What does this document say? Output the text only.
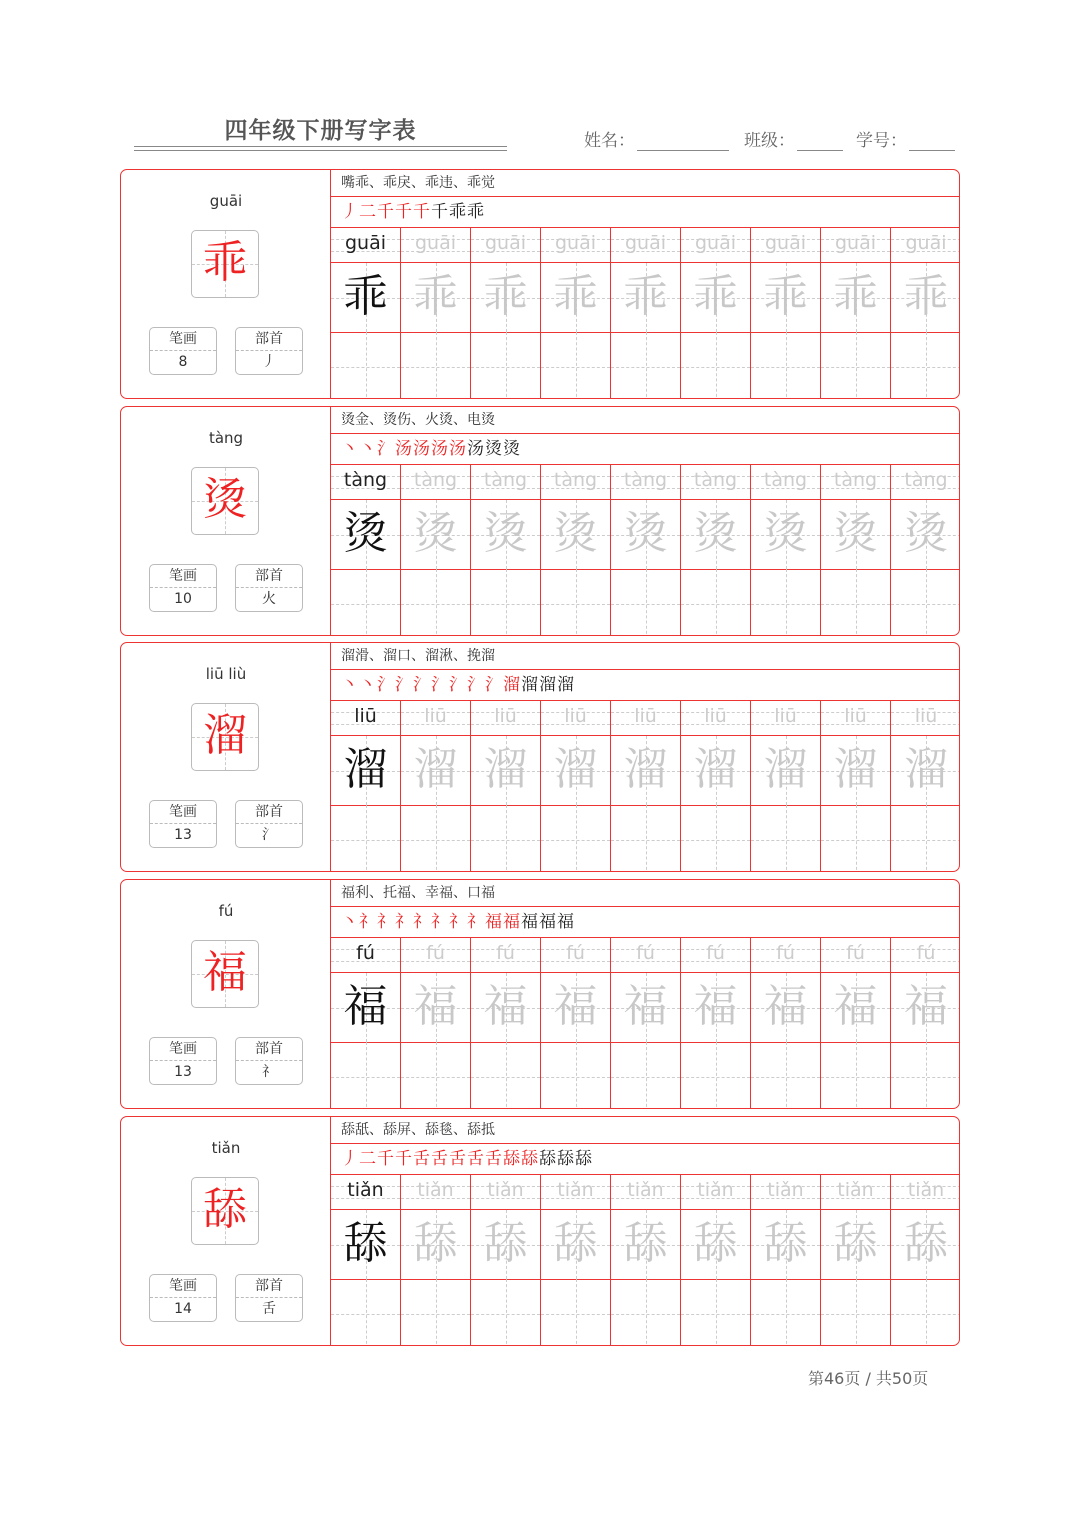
四年级下册写字表	姓名：	班级：	学号：
guāi
乖
笔画
8
部首
丿
嘴乖、乖戾、乖违、乖觉
丿二千千千千乖乖
guāi	guāi	guāi	guāi	guāi	guāi	guāi	guāi	guāi
乖 乖 乖 乖 乖 乖 乖 乖 乖
tàng
烫
笔画
10
部首
火
烫金、烫伤、火烫、电烫
丶丶氵汤汤汤汤汤烫烫
tàng	tàng	tàng	tàng	tàng	tàng	tàng	tàng	tàng
烫 烫 烫 烫 烫 烫 烫 烫 烫
liū liù
溜
笔画
13
部首
氵
溜滑、溜口、溜湫、挽溜
丶丶氵氵氵氵氵氵氵溜溜溜溜
liū	liū	liū	liū	liū	liū	liū	liū	liū
溜 溜 溜 溜 溜 溜 溜 溜 溜
fú
福
笔画
13
部首
礻
福利、托福、幸福、口福
丶礻礻礻礻礻礻礻福福福福福
fú	fú	fú	fú	fú	fú	fú	fú	fú
福 福 福 福 福 福 福 福 福
tiǎn
舔
笔画
14
部首
舌
舔舐、舔屏、舔毯、舔抵
丿二千千舌舌舌舌舌舔舔舔舔舔
tiǎn	tiǎn	tiǎn	tiǎn	tiǎn	tiǎn	tiǎn	tiǎn	tiǎn
舔 舔 舔 舔 舔 舔 舔 舔 舔
第46页 / 共50页
